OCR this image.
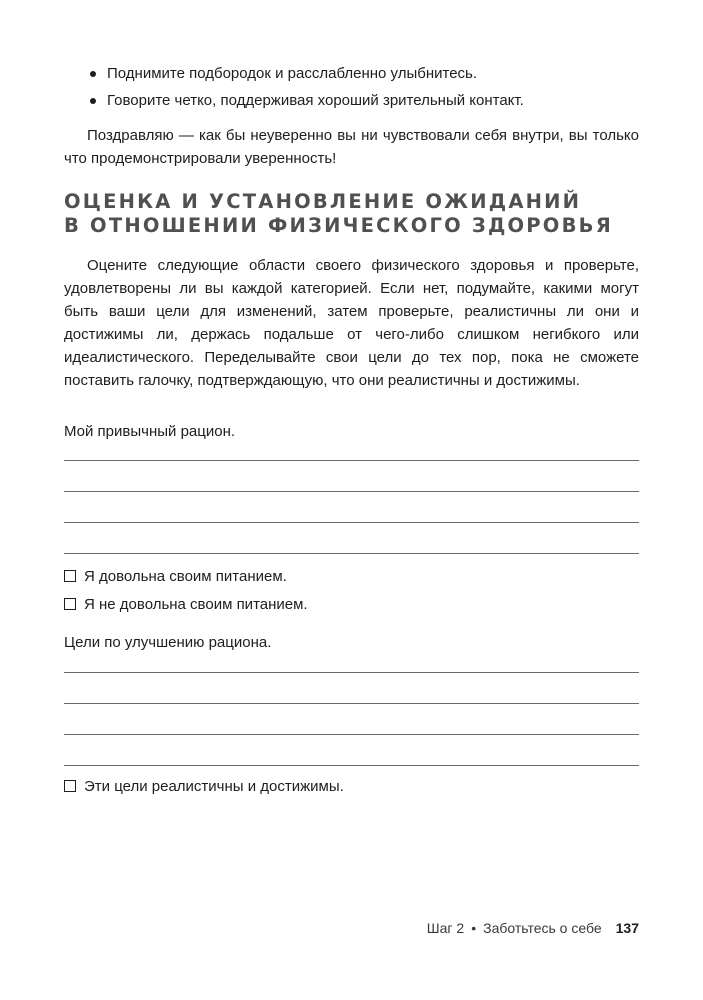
Поднимите подбородок и расслабленно улыбнитесь.
Говорите четко, поддерживая хороший зрительный контакт.

Поздравляю — как бы неуверенно вы ни чувствовали себя внутри, вы только что продемонстрировали уверенность!

ОЦЕНКА И УСТАНОВЛЕНИЕ ОЖИДАНИЙ
В ОТНОШЕНИИ ФИЗИЧЕСКОГО ЗДОРОВЬЯ

Оцените следующие области своего физического здоровья и проверьте, удовлетворены ли вы каждой категорией. Если нет, подумайте, какими могут быть ваши цели для изменений, затем проверьте, реалистичны ли они и достижимы ли, держась подальше от чего-либо слишком негибкого или идеалистического. Переделывайте свои цели до тех пор, пока не сможете поставить галочку, подтверждающую, что они реалистичны и достижимы.

Мой привычный рацион.

Я довольна своим питанием.

Я не довольна своим питанием.

Цели по улучшению рациона.

Эти цели реалистичны и достижимы.

Шаг 2 • Заботьтесь о себе 137
